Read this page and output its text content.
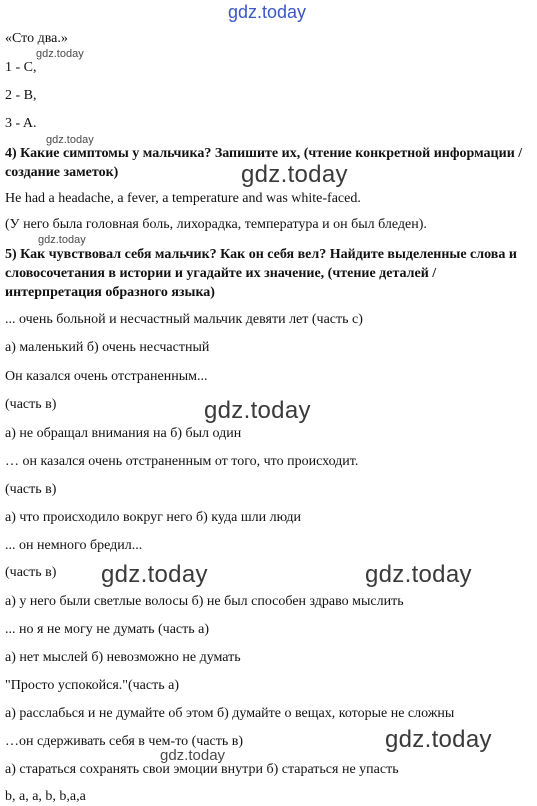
gdz.today
«Сто два.»
1 - C,
2 - B,
3 - A.
4) Какие симптомы у мальчика? Запишите их, (чтение конкретной информации / создание заметок)
He had a headache, a fever, a temperature and was white-faced.
(У него была головная боль, лихорадка, температура и он был бледен).
5) Как чувствовал себя мальчик? Как он себя вел? Найдите выделенные слова и словосочетания в истории и угадайте их значение, (чтение деталей / интерпретация образного языка)
... очень больной и несчастный мальчик девяти лет (часть с)
а) маленький б) очень несчастный
Он казался очень отстраненным...
(часть в)
а) не обращал внимания на б) был один
… он казался очень отстраненным от того, что происходит.
(часть в)
а) что происходило вокруг него б) куда шли люди
... он немного бредил...
(часть в)
а) у него были светлые волосы б) не был способен здраво мыслить
... но я не могу не думать (часть а)
а) нет мыслей б) невозможно не думать
"Просто успокойся."(часть а)
а) расслабься и не думайте об этом б) думайте о вещах, которые не сложны
…он сдерживать себя в чем-то (часть в)
а) стараться сохранять свои эмоции внутри б) стараться не упасть
b, a, a, b, b,a,a
gdz.today
gdz.today
gdz.today
gdz.today
gdz.today
gdz.today	gdz.today
gdz.today
gdz.today
